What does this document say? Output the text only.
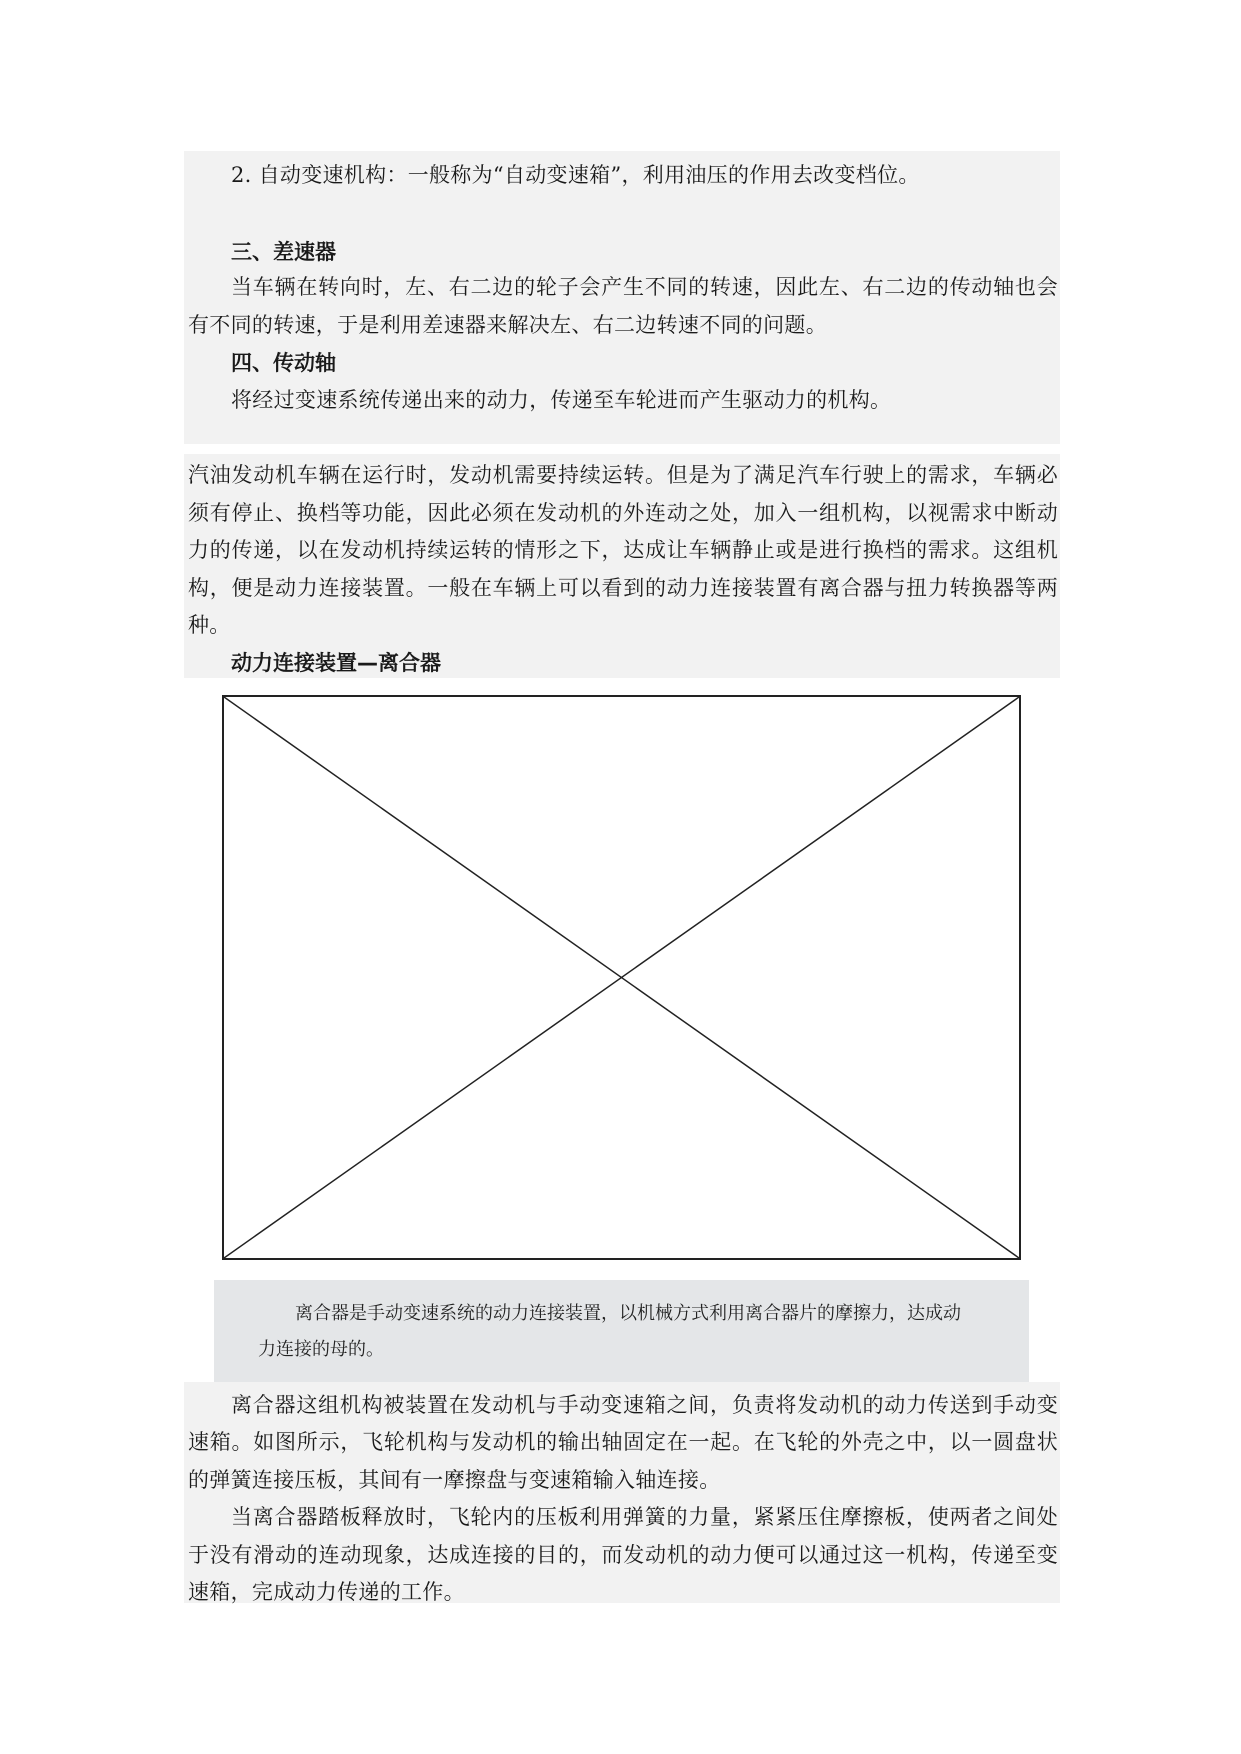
2. 自动变速机构：一般称为“自动变速箱”，利用油压的作用去改变档位。
三、差速器
当车辆在转向时，左、右二边的轮子会产生不同的转速，因此左、右二边的传动轴也会
有不同的转速，于是利用差速器来解决左、右二边转速不同的问题。
四、传动轴
将经过变速系统传递出来的动力，传递至车轮进而产生驱动力的机构。
汽油发动机车辆在运行时，发动机需要持续运转。但是为了满足汽车行驶上的需求，车辆必
须有停止、换档等功能，因此必须在发动机的外连动之处，加入一组机构，以视需求中断动
力的传递，以在发动机持续运转的情形之下，达成让车辆静止或是进行换档的需求。这组机
构，便是动力连接装置。一般在车辆上可以看到的动力连接装置有离合器与扭力转换器等两
种。
动力连接装置—离合器
离合器是手动变速系统的动力连接装置，以机械方式利用离合器片的摩擦力，达成动
力连接的母的。
离合器这组机构被装置在发动机与手动变速箱之间，负责将发动机的动力传送到手动变
速箱。如图所示，飞轮机构与发动机的输出轴固定在一起。在飞轮的外壳之中，以一圆盘状
的弹簧连接压板，其间有一摩擦盘与变速箱输入轴连接。
当离合器踏板释放时，飞轮内的压板利用弹簧的力量，紧紧压住摩擦板，使两者之间处
于没有滑动的连动现象，达成连接的目的，而发动机的动力便可以通过这一机构，传递至变
速箱，完成动力传递的工作。
